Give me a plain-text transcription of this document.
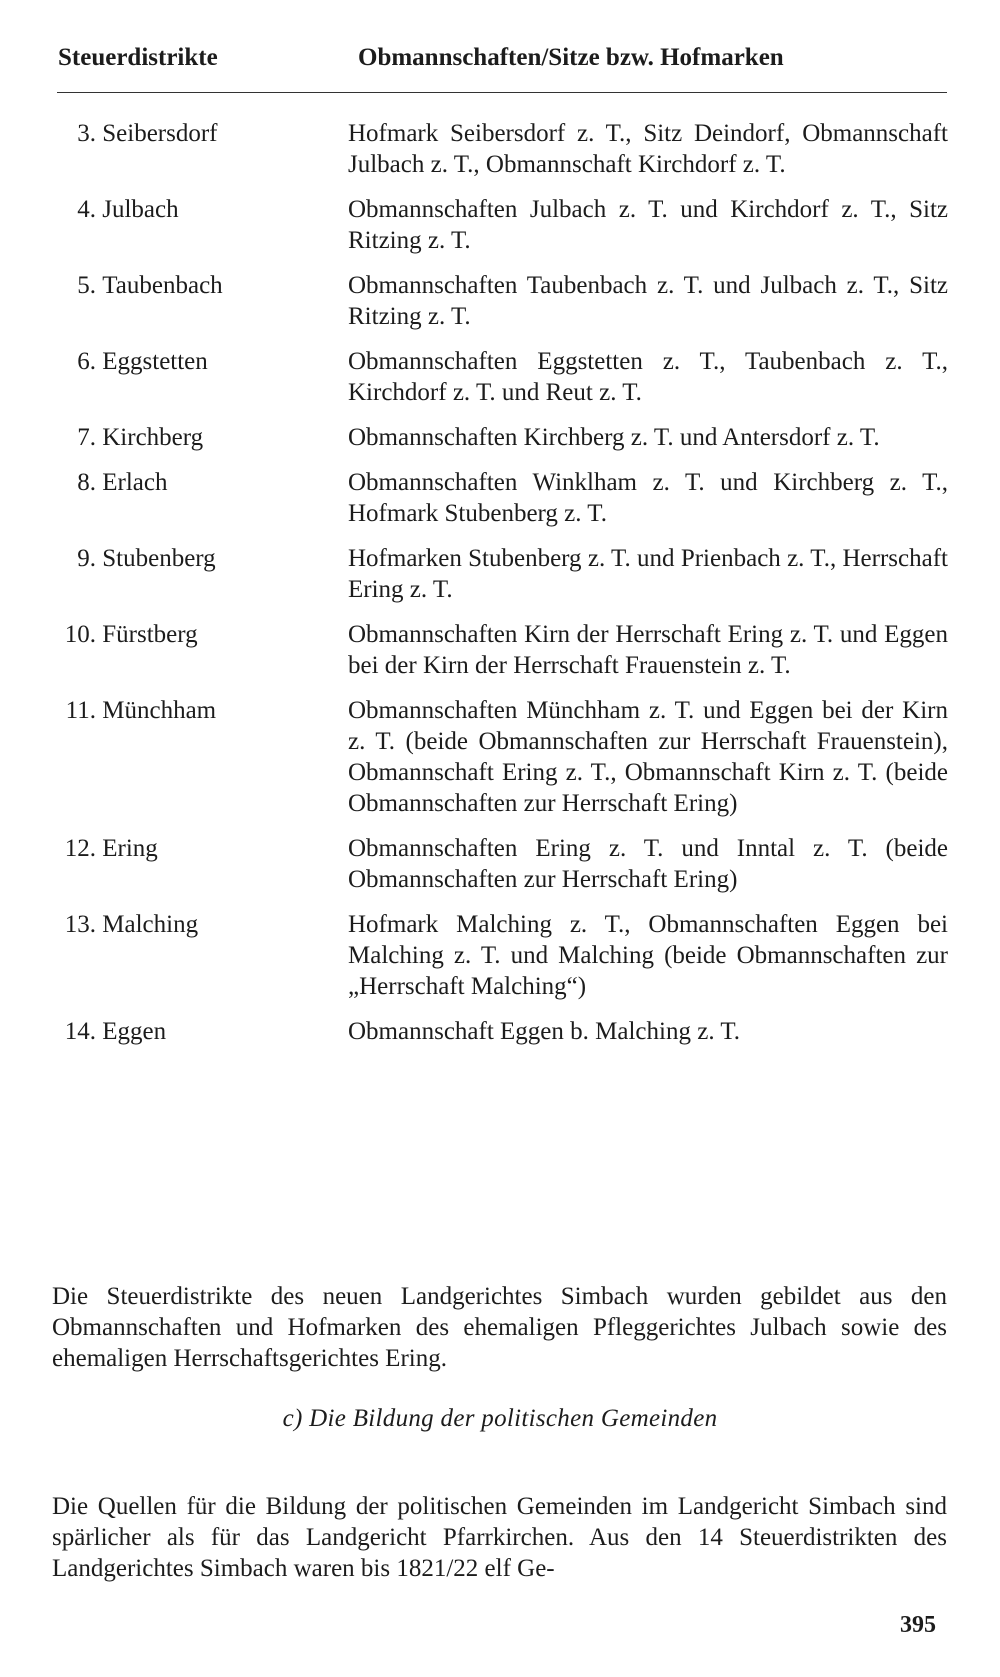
Steuerdistrikte	Obmannschaften/Sitze bzw. Hofmarken
3. Seibersdorf	Hofmark Seibersdorf z. T., Sitz Deindorf, Obmannschaft Julbach z. T., Obmannschaft Kirchdorf z. T.
4. Julbach	Obmannschaften Julbach z. T. und Kirchdorf z. T., Sitz Ritzing z. T.
5. Taubenbach	Obmannschaften Taubenbach z. T. und Julbach z. T., Sitz Ritzing z. T.
6. Eggstetten	Obmannschaften Eggstetten z. T., Taubenbach z. T., Kirchdorf z. T. und Reut z. T.
7. Kirchberg	Obmannschaften Kirchberg z. T. und Antersdorf z. T.
8. Erlach	Obmannschaften Winklham z. T. und Kirchberg z. T., Hofmark Stubenberg z. T.
9. Stubenberg	Hofmarken Stubenberg z. T. und Prienbach z. T., Herrschaft Ering z. T.
10. Fürstberg	Obmannschaften Kirn der Herrschaft Ering z. T. und Eggen bei der Kirn der Herrschaft Frauenstein z. T.
11. Münchham	Obmannschaften Münchham z. T. und Eggen bei der Kirn z. T. (beide Obmannschaften zur Herrschaft Frauenstein), Obmannschaft Ering z. T., Obmannschaft Kirn z. T. (beide Obmannschaften zur Herrschaft Ering)
12. Ering	Obmannschaften Ering z. T. und Inntal z. T. (beide Obmannschaften zur Herrschaft Ering)
13. Malching	Hofmark Malching z. T., Obmannschaften Eggen bei Malching z. T. und Malching (beide Obmannschaften zur „Herrschaft Malching“)
14. Eggen	Obmannschaft Eggen b. Malching z. T.

Die Steuerdistrikte des neuen Landgerichtes Simbach wurden gebildet aus den Obmannschaften und Hofmarken des ehemaligen Pfleggerichtes Julbach sowie des ehemaligen Herrschaftsgerichtes Ering.

c) Die Bildung der politischen Gemeinden

Die Quellen für die Bildung der politischen Gemeinden im Landgericht Simbach sind spärlicher als für das Landgericht Pfarrkirchen. Aus den 14 Steuerdistrikten des Landgerichtes Simbach waren bis 1821/22 elf Ge-

395
